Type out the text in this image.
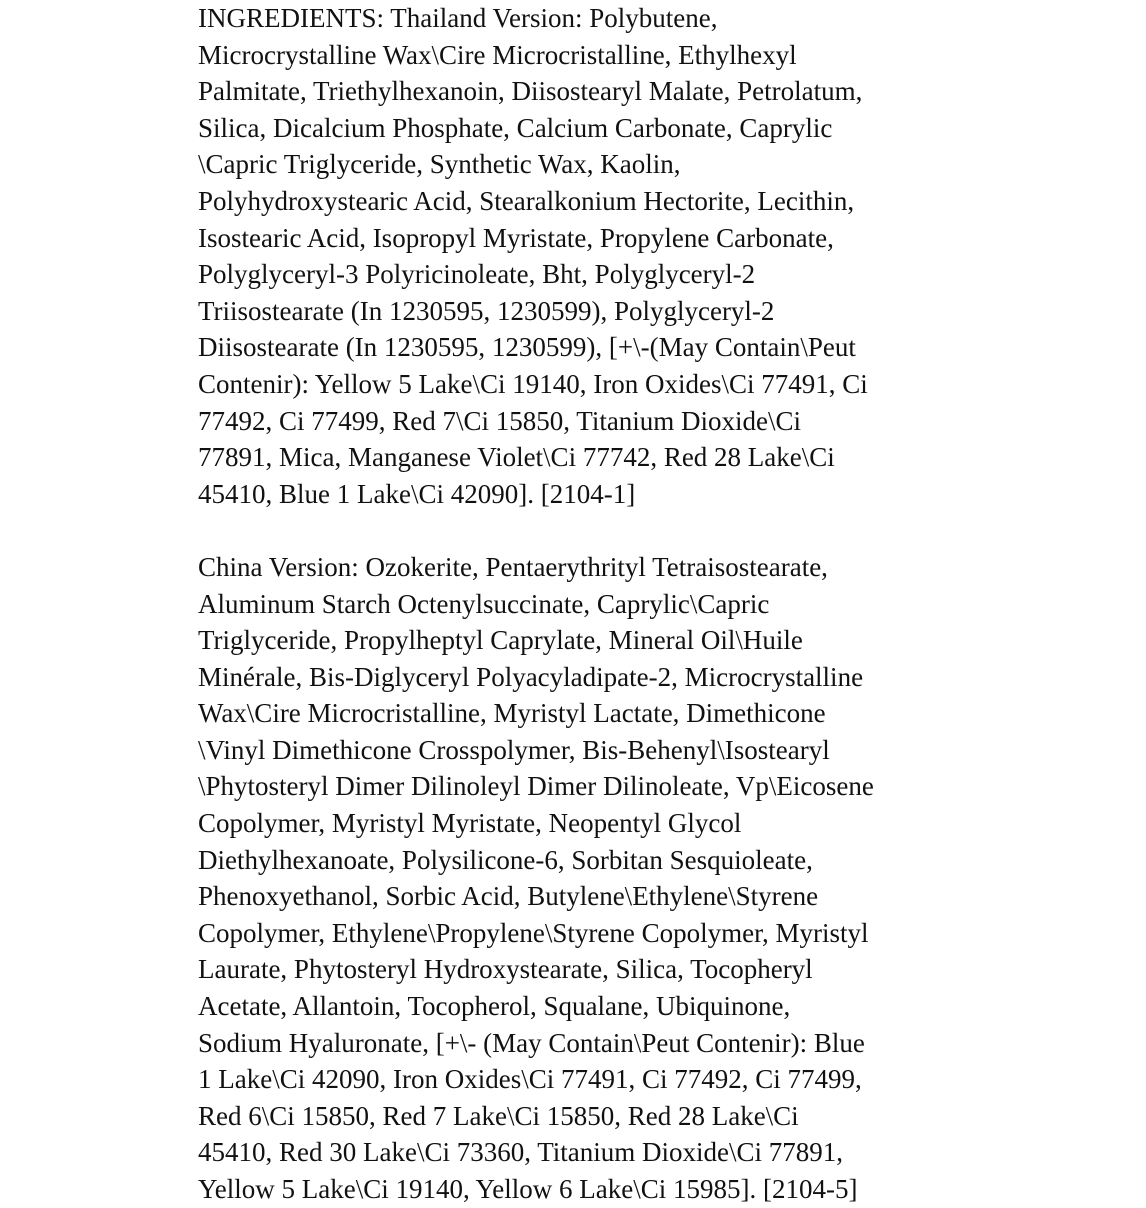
INGREDIENTS: Thailand Version: Polybutene,
Microcrystalline Wax\Cire Microcristalline, Ethylhexyl
Palmitate, Triethylhexanoin, Diisostearyl Malate, Petrolatum,
Silica, Dicalcium Phosphate, Calcium Carbonate, Caprylic
\Capric Triglyceride, Synthetic Wax, Kaolin,
Polyhydroxystearic Acid, Stearalkonium Hectorite, Lecithin,
Isostearic Acid, Isopropyl Myristate, Propylene Carbonate,
Polyglyceryl-3 Polyricinoleate, Bht, Polyglyceryl-2
Triisostearate (In 1230595, 1230599), Polyglyceryl-2
Diisostearate (In 1230595, 1230599), [+\-(May Contain\Peut
Contenir): Yellow 5 Lake\Ci 19140, Iron Oxides\Ci 77491, Ci
77492, Ci 77499, Red 7\Ci 15850, Titanium Dioxide\Ci
77891, Mica, Manganese Violet\Ci 77742, Red 28 Lake\Ci
45410, Blue 1 Lake\Ci 42090]. [2104-1]
China Version: Ozokerite, Pentaerythrityl Tetraisostearate,
Aluminum Starch Octenylsuccinate, Caprylic\Capric
Triglyceride, Propylheptyl Caprylate, Mineral Oil\Huile
Minérale, Bis-Diglyceryl Polyacyladipate-2, Microcrystalline
Wax\Cire Microcristalline, Myristyl Lactate, Dimethicone
\Vinyl Dimethicone Crosspolymer, Bis-Behenyl\Isostearyl
\Phytosteryl Dimer Dilinoleyl Dimer Dilinoleate, Vp\Eicosene
Copolymer, Myristyl Myristate, Neopentyl Glycol
Diethylhexanoate, Polysilicone-6, Sorbitan Sesquioleate,
Phenoxyethanol, Sorbic Acid, Butylene\Ethylene\Styrene
Copolymer, Ethylene\Propylene\Styrene Copolymer, Myristyl
Laurate, Phytosteryl Hydroxystearate, Silica, Tocopheryl
Acetate, Allantoin, Tocopherol, Squalane, Ubiquinone,
Sodium Hyaluronate, [+\- (May Contain\Peut Contenir): Blue
1 Lake\Ci 42090, Iron Oxides\Ci 77491, Ci 77492, Ci 77499,
Red 6\Ci 15850, Red 7 Lake\Ci 15850, Red 28 Lake\Ci
45410, Red 30 Lake\Ci 73360, Titanium Dioxide\Ci 77891,
Yellow 5 Lake\Ci 19140, Yellow 6 Lake\Ci 15985]. [2104-5]
